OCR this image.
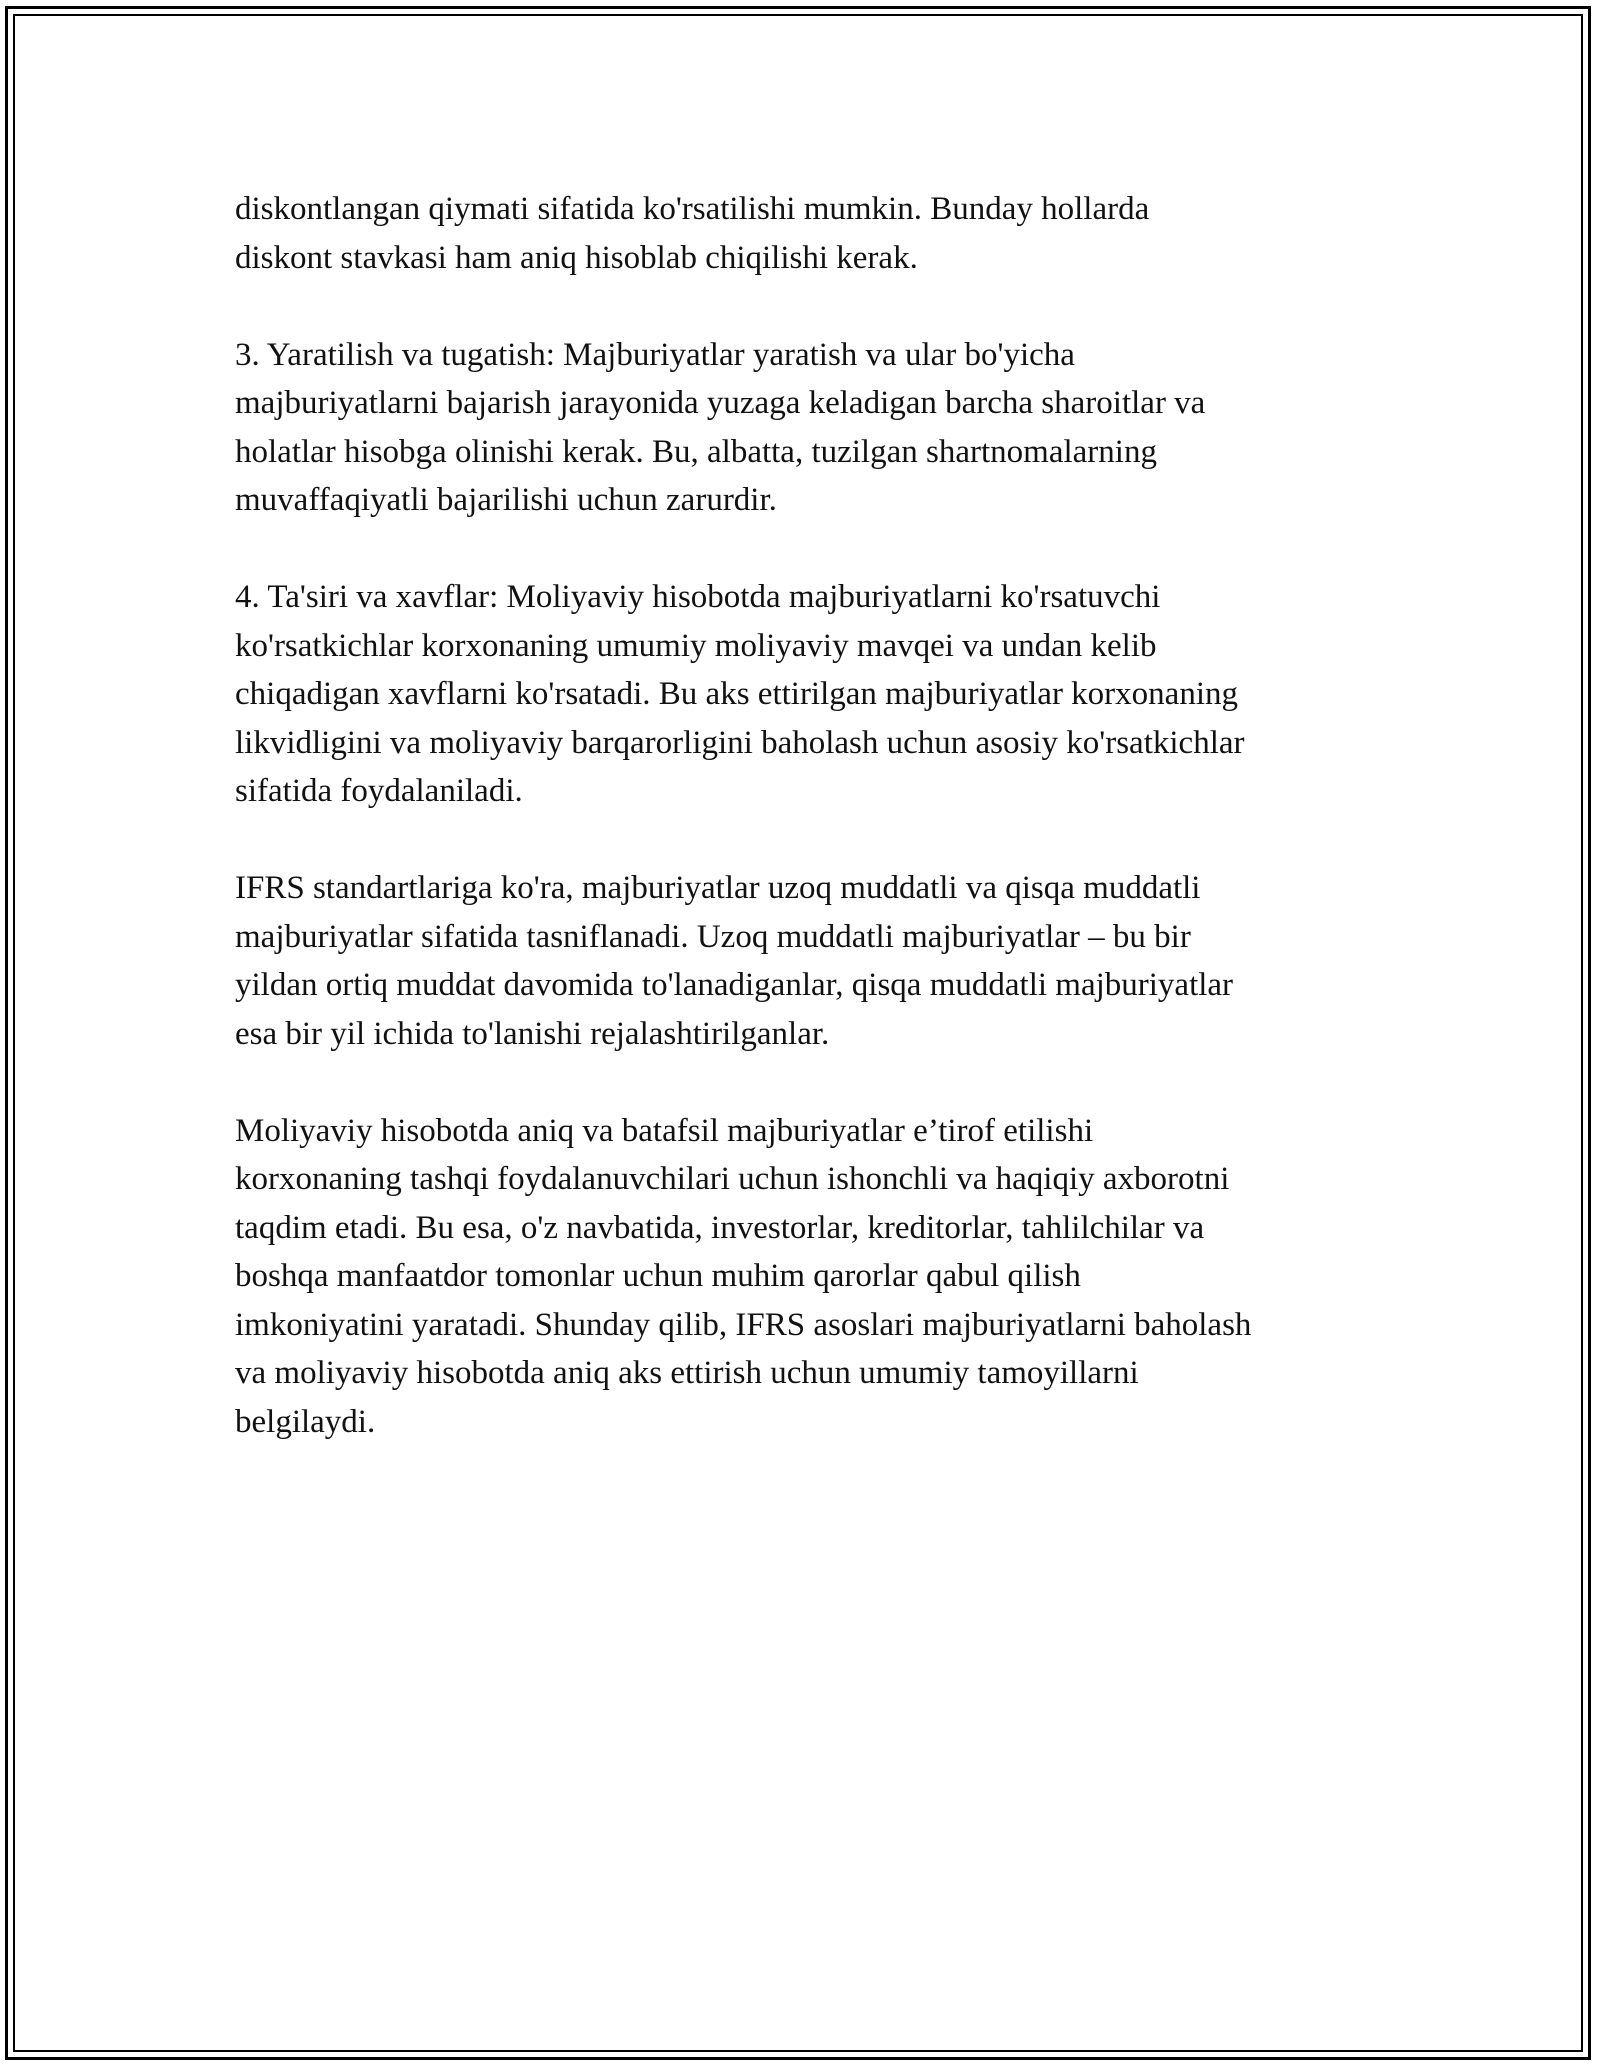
diskontlangan qiymati sifatida ko'rsatilishi mumkin. Bunday hollarda
diskont stavkasi ham aniq hisoblab chiqilishi kerak.

3. Yaratilish va tugatish: Majburiyatlar yaratish va ular bo'yicha
majburiyatlarni bajarish jarayonida yuzaga keladigan barcha sharoitlar va
holatlar hisobga olinishi kerak. Bu, albatta, tuzilgan shartnomalarning
muvaffaqiyatli bajarilishi uchun zarurdir.

4. Ta'siri va xavflar: Moliyaviy hisobotda majburiyatlarni ko'rsatuvchi
ko'rsatkichlar korxonaning umumiy moliyaviy mavqei va undan kelib
chiqadigan xavflarni ko'rsatadi. Bu aks ettirilgan majburiyatlar korxonaning
likvidligini va moliyaviy barqarorligini baholash uchun asosiy ko'rsatkichlar
sifatida foydalaniladi.

IFRS standartlariga ko'ra, majburiyatlar uzoq muddatli va qisqa muddatli
majburiyatlar sifatida tasniflanadi. Uzoq muddatli majburiyatlar – bu bir
yildan ortiq muddat davomida to'lanadiganlar, qisqa muddatli majburiyatlar
esa bir yil ichida to'lanishi rejalashtirilganlar.

Moliyaviy hisobotda aniq va batafsil majburiyatlar e’tirof etilishi
korxonaning tashqi foydalanuvchilari uchun ishonchli va haqiqiy axborotni
taqdim etadi. Bu esa, o'z navbatida, investorlar, kreditorlar, tahlilchilar va
boshqa manfaatdor tomonlar uchun muhim qarorlar qabul qilish
imkoniyatini yaratadi. Shunday qilib, IFRS asoslari majburiyatlarni baholash
va moliyaviy hisobotda aniq aks ettirish uchun umumiy tamoyillarni
belgilaydi.
